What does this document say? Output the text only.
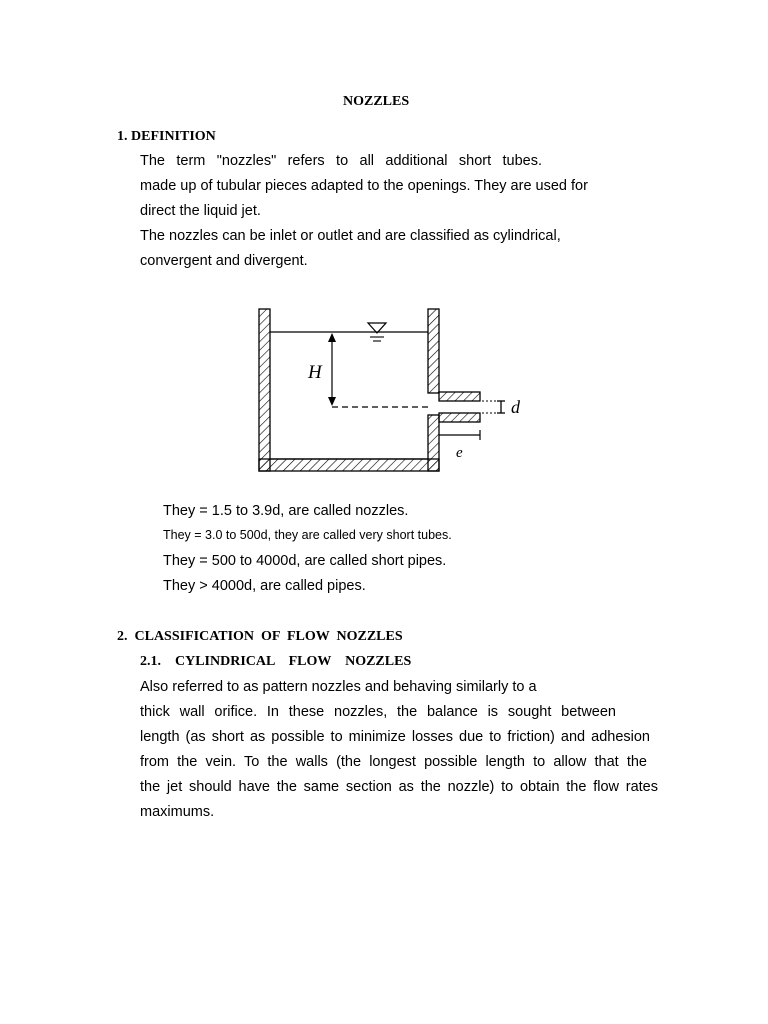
NOZZLES
1. DEFINITION
The term "nozzles" refers to all additional short tubes.
made up of tubular pieces adapted to the openings. They are used for
direct the liquid jet.
The nozzles can be inlet or outlet and are classified as cylindrical,
convergent and divergent.
H
d
e
They = 1.5 to 3.9d, are called nozzles.
They = 3.0 to 500d, they are called very short tubes.
They = 500 to 4000d, are called short pipes.
They > 4000d, are called pipes.
2.  CLASSIFICATION  OF  FLOW  NOZZLES
2.1.    CYLINDRICAL    FLOW    NOZZLES
Also referred to as pattern nozzles and behaving similarly to a
thick wall orifice. In these nozzles, the balance is sought between
length (as short as possible to minimize losses due to friction) and adhesion
from the vein. To the walls (the longest possible length to allow that the
the jet should have the same section as the nozzle) to obtain the flow rates
maximums.
